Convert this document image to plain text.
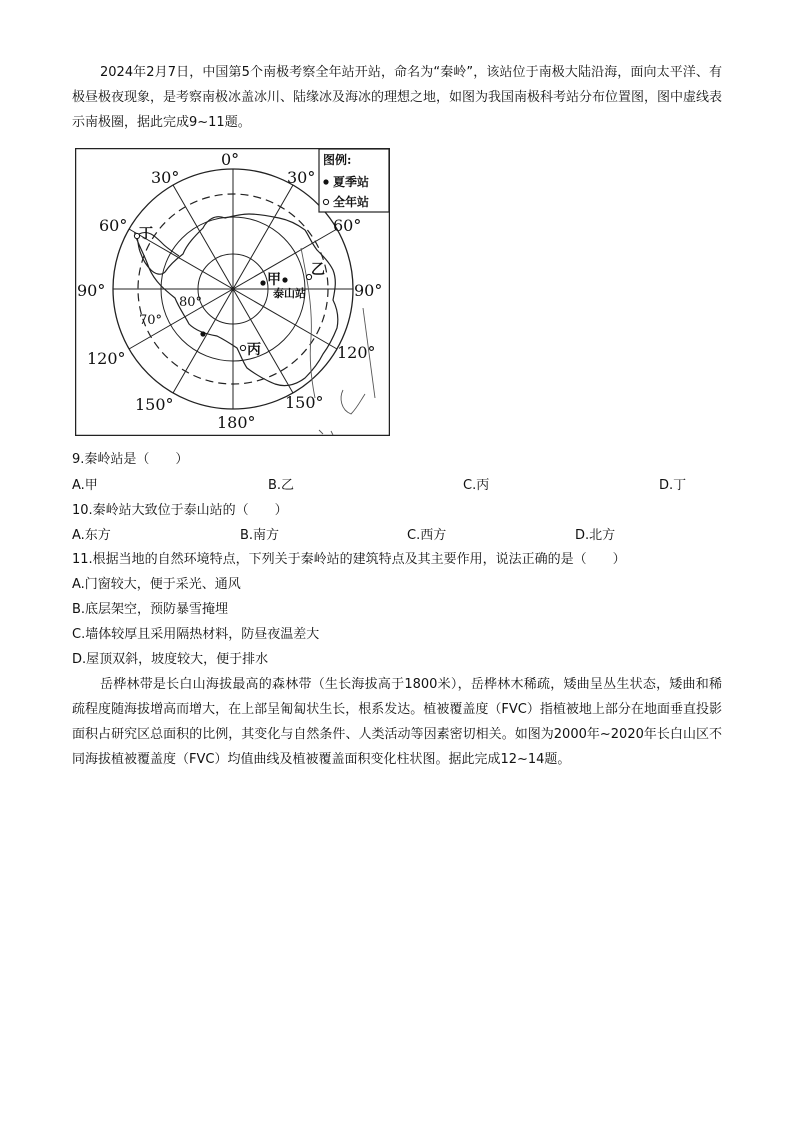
2024年2月7日，中国第5个南极考察全年站开站，命名为“秦岭”，该站位于南极大陆沿海，面向太平洋、有极昼极夜现象，是考察南极冰盖冰川、陆缘冰及海冰的理想之地，如图为我国南极科考站分布位置图，图中虚线表示南极圈，据此完成9~11题。

0°
30°	30°
60°	60°
90°	90°
120°	120°
150°	150°
180°
80°
70°
甲
乙
丙
丁
泰山站
图例:
夏季站
全年站
9.秦岭站是（　　）
A.甲	B.乙	C.丙	D.丁
10.秦岭站大致位于泰山站的（　　）
A.东方	B.南方	C.西方	D.北方
11.根据当地的自然环境特点，下列关于秦岭站的建筑特点及其主要作用，说法正确的是（　　）
A.门窗较大，便于采光、通风
B.底层架空，预防暴雪掩埋
C.墙体较厚且采用隔热材料，防昼夜温差大
D.屋顶双斜，坡度较大，便于排水

岳桦林带是长白山海拔最高的森林带（生长海拔高于1800米），岳桦林木稀疏，矮曲呈丛生状态，矮曲和稀疏程度随海拔增高而增大，在上部呈匍匐状生长，根系发达。植被覆盖度（FVC）指植被地上部分在地面垂直投影面积占研究区总面积的比例，其变化与自然条件、人类活动等因素密切相关。如图为2000年~2020年长白山区不同海拔植被覆盖度（FVC）均值曲线及植被覆盖面积变化柱状图。据此完成12~14题。
